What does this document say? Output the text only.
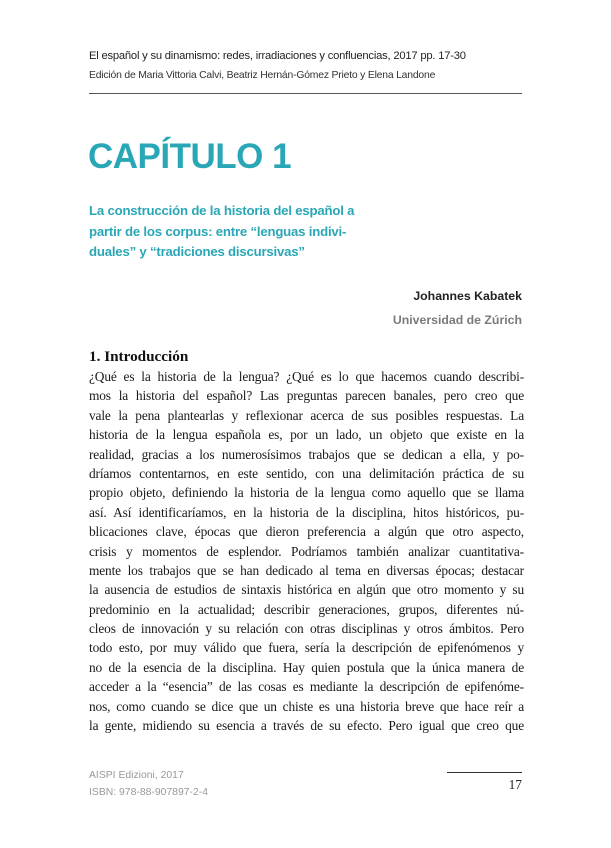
El español y su dinamismo: redes, irradiaciones y confluencias, 2017 pp. 17-30
Edición de Maria Vittoria Calvi, Beatriz Hernán-Gómez Prieto y Elena Landone
CAPÍTULO 1
La construcción de la historia del español a
partir de los corpus: entre “lenguas indivi-
duales” y “tradiciones discursivas”
Johannes Kabatek
Universidad de Zúrich
1. Introducción
¿Qué es la historia de la lengua? ¿Qué es lo que hacemos cuando describi-
mos la historia del español? Las preguntas parecen banales, pero creo que
vale la pena plantearlas y reflexionar acerca de sus posibles respuestas. La
historia de la lengua española es, por un lado, un objeto que existe en la
realidad, gracias a los numerosísimos trabajos que se dedican a ella, y po-
dríamos contentarnos, en este sentido, con una delimitación práctica de su
propio objeto, definiendo la historia de la lengua como aquello que se llama
así. Así identificaríamos, en la historia de la disciplina, hitos históricos, pu-
blicaciones clave, épocas que dieron preferencia a algún que otro aspecto,
crisis y momentos de esplendor. Podríamos también analizar cuantitativa-
mente los trabajos que se han dedicado al tema en diversas épocas; destacar
la ausencia de estudios de sintaxis histórica en algún que otro momento y su
predominio en la actualidad; describir generaciones, grupos, diferentes nú-
cleos de innovación y su relación con otras disciplinas y otros ámbitos. Pero
todo esto, por muy válido que fuera, sería la descripción de epifenómenos y
no de la esencia de la disciplina. Hay quien postula que la única manera de
acceder a la “esencia” de las cosas es mediante la descripción de epifenóme-
nos, como cuando se dice que un chiste es una historia breve que hace reír a
la gente, midiendo su esencia a través de su efecto. Pero igual que creo que
AISPI Edizioni, 2017
ISBN: 978-88-907897-2-4
17
